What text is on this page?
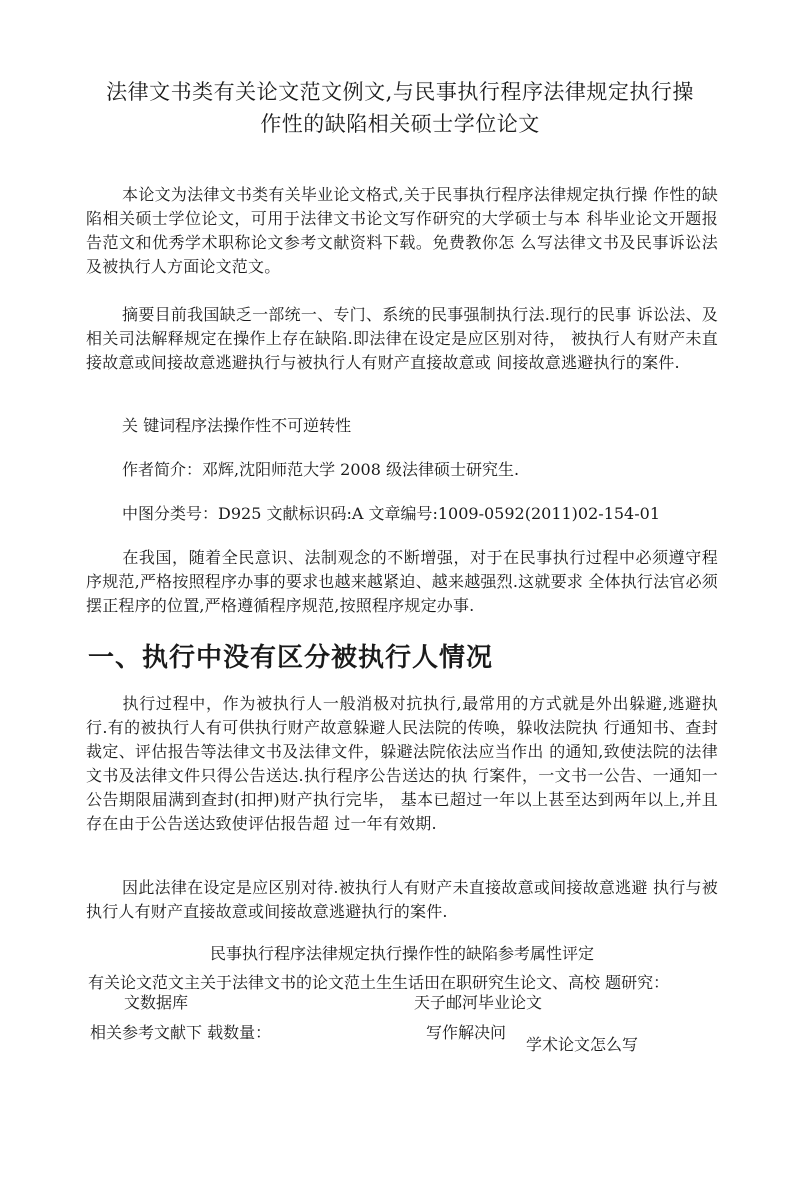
法律文书类有关论文范文例文,与民事执行程序法律规定执行操
作性的缺陷相关硕士学位论文

本论文为法律文书类有关毕业论文格式,关于民事执行程序法律规定执行操 作性的缺陷相关硕士学位论文，可用于法律文书论文写作研究的大学硕士与本 科毕业论文开题报告范文和优秀学术职称论文参考文献资料下载。免费教你怎 么写法律文书及民事诉讼法及被执行人方面论文范文。

摘要目前我国缺乏一部统一、专门、系统的民事强制执行法.现行的民事 诉讼法、及相关司法解释规定在操作上存在缺陷.即法律在设定是应区别对待， 被执行人有财产未直接故意或间接故意逃避执行与被执行人有财产直接故意或 间接故意逃避执行的案件.

关 键词程序法操作性不可逆转性

作者简介：邓辉,沈阳师范大学 2008 级法律硕士研究生.

中图分类号：D925 文献标识码:A 文章编号:1009-0592(2011)02-154-01

在我国，随着全民意识、法制观念的不断增强，对于在民事执行过程中必须遵守程序规范,严格按照程序办事的要求也越来越紧迫、越来越强烈.这就要求 全体执行法官必须摆正程序的位置,严格遵循程序规范,按照程序规定办事.

一、执行中没有区分被执行人情况

执行过程中，作为被执行人一般消极对抗执行,最常用的方式就是外出躲避,逃避执行.有的被执行人有可供执行财产故意躲避人民法院的传唤，躲收法院执 行通知书、查封裁定、评估报告等法律文书及法律文件，躲避法院依法应当作出 的通知,致使法院的法律文书及法律文件只得公告送达.执行程序公告送达的执 行案件，一文书一公告、一通知一公告期限届满到查封(扣押)财产执行完毕， 基本已超过一年以上甚至达到两年以上,并且存在由于公告送达致使评估报告超 过一年有效期.

因此法律在设定是应区别对待.被执行人有财产未直接故意或间接故意逃避 执行与被执行人有财产直接故意或间接故意逃避执行的案件.

民事执行程序法律规定执行操作性的缺陷参考属性评定

有关论文范文主关于法律文书的论文范土生生话田在职研究生论文、高校 题研究：

文数据库	天子邮河毕业论文

相关参考文献下 载数量：	写作解决问

学术论文怎么写
